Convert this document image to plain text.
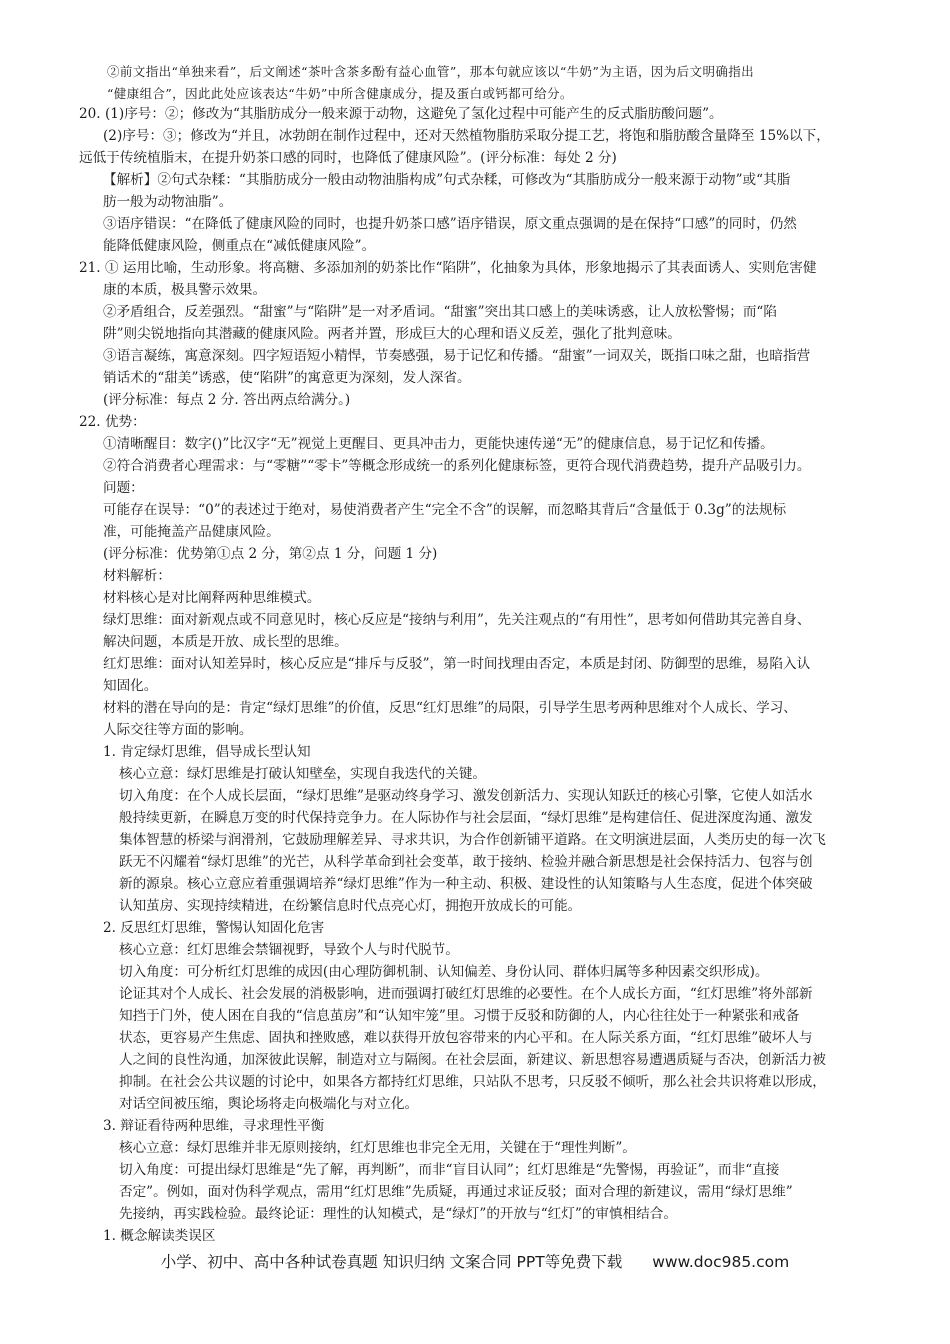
②前文指出“单独来看”，后文阐述“茶叶含茶多酚有益心血管”，那本句就应该以“牛奶”为主语，因为后文明确指出
“健康组合”，因此此处应该表达“牛奶”中所含健康成分，提及蛋白或钙都可给分。
20. (1)序号：②；修改为“其脂肪成分一般来源于动物，这避免了氢化过程中可能产生的反式脂肪酸问题”。
(2)序号：③；修改为“并且，冰勃朗在制作过程中，还对天然植物脂肪采取分提工艺，将饱和脂肪酸含量降至 15%以下，
远低于传统植脂末，在提升奶茶口感的同时，也降低了健康风险”。(评分标准：每处 2 分)
【解析】②句式杂糅：“其脂肪成分一般由动物油脂构成”句式杂糅，可修改为“其脂肪成分一般来源于动物”或“其脂
肪一般为动物油脂”。
③语序错误：“在降低了健康风险的同时，也提升奶茶口感”语序错误，原文重点强调的是在保持“口感”的同时，仍然
能降低健康风险，侧重点在“减低健康风险”。
21. ① 运用比喻，生动形象。将高糖、多添加剂的奶茶比作“陷阱”，化抽象为具体，形象地揭示了其表面诱人、实则危害健
康的本质，极具警示效果。
②矛盾组合，反差强烈。“甜蜜”与“陷阱”是一对矛盾词。“甜蜜”突出其口感上的美味诱惑，让人放松警惕；而“陷
阱”则尖锐地指向其潜藏的健康风险。两者并置，形成巨大的心理和语义反差，强化了批判意味。
③语言凝练，寓意深刻。四字短语短小精悍，节奏感强，易于记忆和传播。“甜蜜”一词双关，既指口味之甜，也暗指营
销话术的“甜美”诱惑，使“陷阱”的寓意更为深刻，发人深省。
(评分标准：每点 2 分. 答出两点给满分。)
22. 优势：
①清晰醒目：数字()”比汉字“无”视觉上更醒目、更具冲击力，更能快速传递“无”的健康信息，易于记忆和传播。
②符合消费者心理需求：与“零糖”“零卡”等概念形成统一的系列化健康标签，更符合现代消费趋势，提升产品吸引力。
问题：
可能存在误导：“0”的表述过于绝对，易使消费者产生“完全不含”的误解，而忽略其背后“含量低于 0.3g”的法规标
准，可能掩盖产品健康风险。
(评分标准：优势第①点 2 分，第②点 1 分，问题 1 分)
材料解析：
材料核心是对比阐释两种思维模式。
绿灯思维：面对新观点或不同意见时，核心反应是“接纳与利用”，先关注观点的“有用性”，思考如何借助其完善自身、
解决问题，本质是开放、成长型的思维。
红灯思维：面对认知差异时，核心反应是“排斥与反驳”，第一时间找理由否定，本质是封闭、防御型的思维，易陷入认
知固化。
材料的潜在导向的是：肯定“绿灯思维”的价值，反思“红灯思维”的局限，引导学生思考两种思维对个人成长、学习、
人际交往等方面的影响。
1. 肯定绿灯思维，倡导成长型认知
核心立意：绿灯思维是打破认知壁垒，实现自我迭代的关键。
切入角度：在个人成长层面，“绿灯思维”是驱动终身学习、激发创新活力、实现认知跃迁的核心引擎，它使人如活水
般持续更新，在瞬息万变的时代保持竞争力。在人际协作与社会层面，“绿灯思维”是构建信任、促进深度沟通、激发
集体智慧的桥梁与润滑剂，它鼓励理解差异、寻求共识，为合作创新铺平道路。在文明演进层面，人类历史的每一次飞
跃无不闪耀着“绿灯思维”的光芒，从科学革命到社会变革，敢于接纳、检验并融合新思想是社会保持活力、包容与创
新的源泉。核心立意应着重强调培养“绿灯思维”作为一种主动、积极、建设性的认知策略与人生态度，促进个体突破
认知茧房、实现持续精进，在纷繁信息时代点亮心灯，拥抱开放成长的可能。
2. 反思红灯思维，警惕认知固化危害
核心立意：红灯思维会禁锢视野，导致个人与时代脱节。
切入角度：可分析红灯思维的成因(由心理防御机制、认知偏差、身份认同、群体归属等多种因素交织形成)。
论证其对个人成长、社会发展的消极影响，进而强调打破红灯思维的必要性。在个人成长方面，“红灯思维”将外部新
知挡于门外，使人困在自我的“信息茧房”和“认知牢笼”里。习惯于反驳和防御的人，内心往往处于一种紧张和戒备
状态，更容易产生焦虑、固执和挫败感，难以获得开放包容带来的内心平和。在人际关系方面，“红灯思维”破坏人与
人之间的良性沟通，加深彼此误解，制造对立与隔阂。在社会层面，新建议、新思想容易遭遇质疑与否决，创新活力被
抑制。在社会公共议题的讨论中，如果各方都持红灯思维，只站队不思考，只反驳不倾听，那么社会共识将难以形成，
对话空间被压缩，舆论场将走向极端化与对立化。
3. 辩证看待两种思维，寻求理性平衡
核心立意：绿灯思维并非无原则接纳，红灯思维也非完全无用，关键在于“理性判断”。
切入角度：可提出绿灯思维是“先了解，再判断”，而非“盲目认同”；红灯思维是“先警惕，再验证”，而非“直接
否定”。例如，面对伪科学观点，需用“红灯思维”先质疑，再通过求证反驳；面对合理的新建议，需用“绿灯思维”
先接纳，再实践检验。最终论证：理性的认知模式，是“绿灯”的开放与“红灯”的审慎相结合。
1. 概念解读类误区
小学、初中、高中各种试卷真题 知识归纳 文案合同 PPT等免费下载 www.doc985.com
